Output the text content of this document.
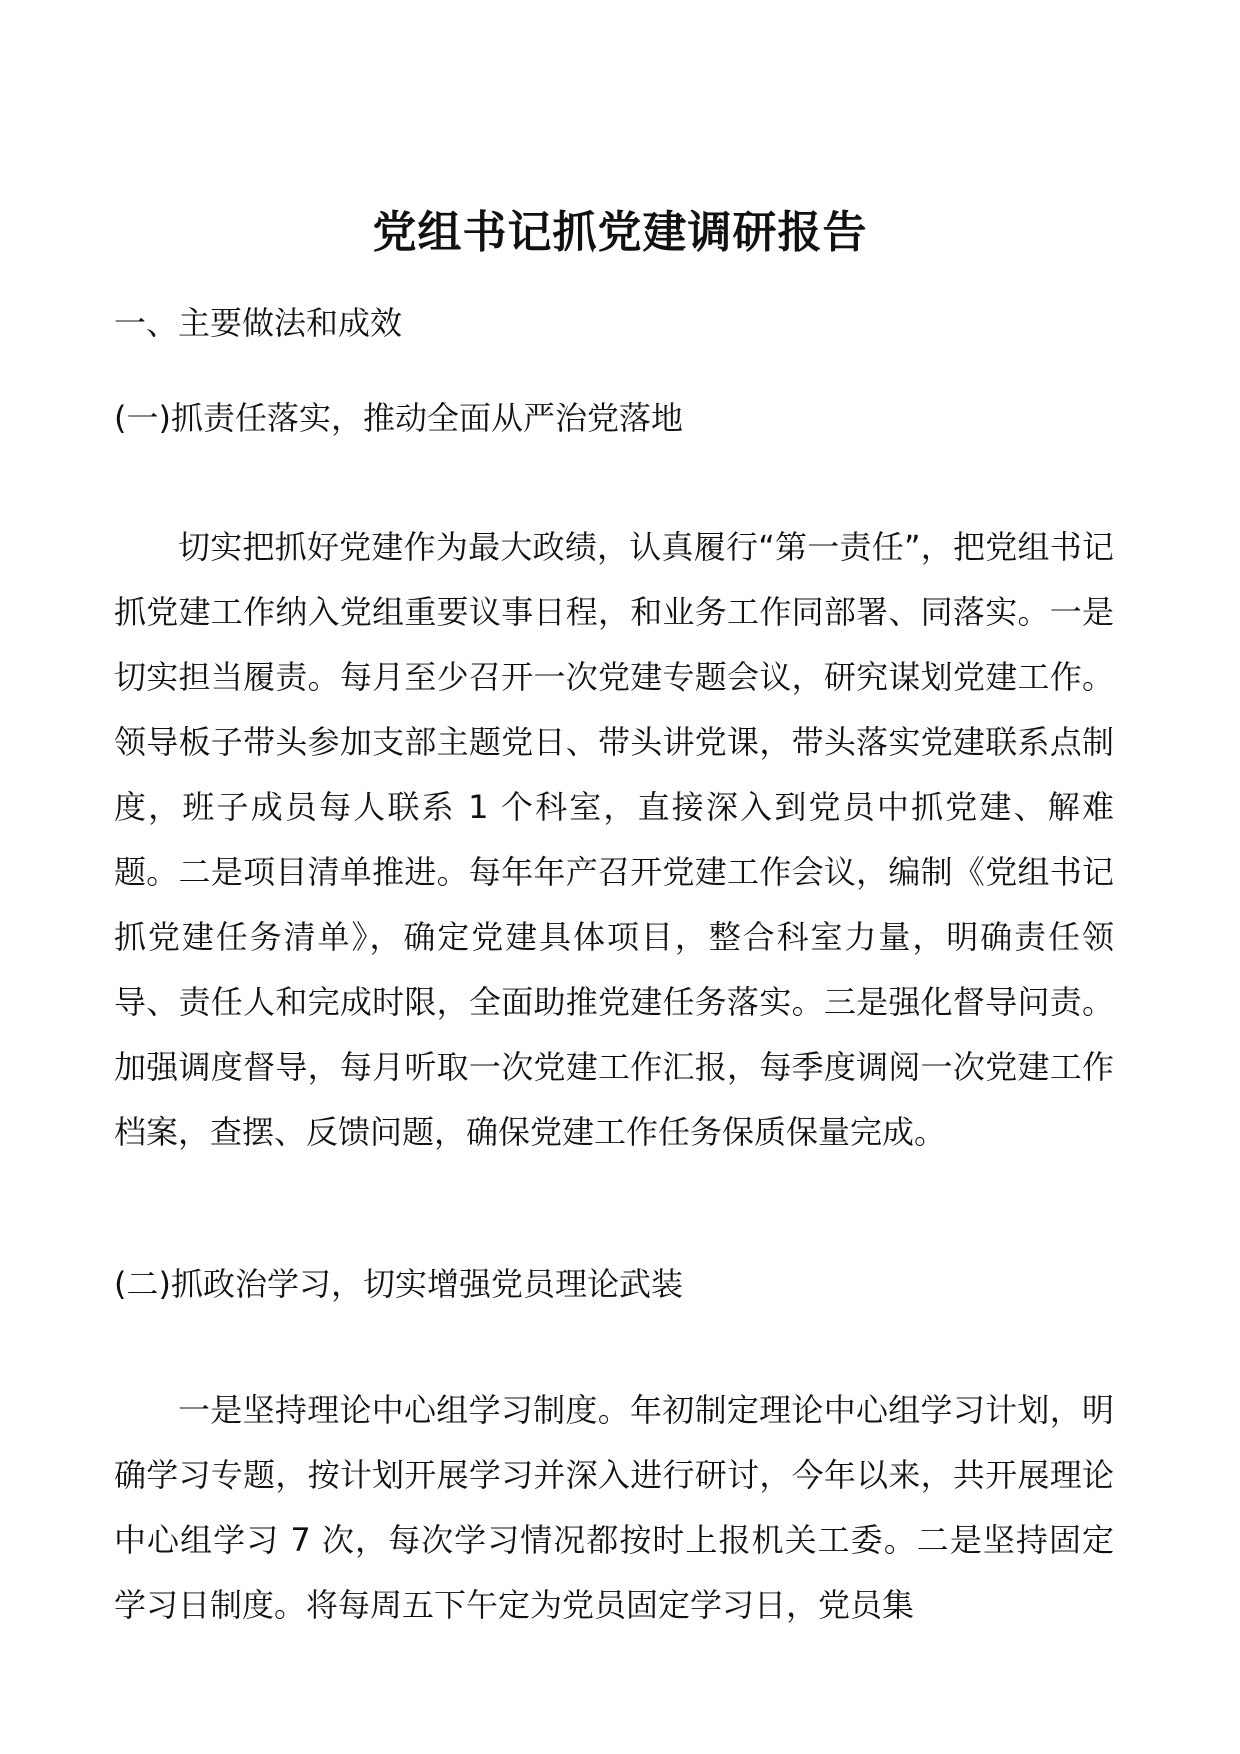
党组书记抓党建调研报告
一、主要做法和成效
(一)抓责任落实，推动全面从严治党落地
切实把抓好党建作为最大政绩，认真履行“第一责任”，把党组书记抓党建工作纳入党组重要议事日程，和业务工作同部署、同落实。一是切实担当履责。每月至少召开一次党建专题会议，研究谋划党建工作。领导板子带头参加支部主题党日、带头讲党课，带头落实党建联系点制度，班子成员每人联系 1 个科室，直接深入到党员中抓党建、解难题。二是项目清单推进。每年年产召开党建工作会议，编制《党组书记抓党建任务清单》，确定党建具体项目，整合科室力量，明确责任领导、责任人和完成时限，全面助推党建任务落实。三是强化督导问责。加强调度督导，每月听取一次党建工作汇报，每季度调阅一次党建工作档案，查摆、反馈问题，确保党建工作任务保质保量完成。
(二)抓政治学习，切实增强党员理论武装
一是坚持理论中心组学习制度。年初制定理论中心组学习计划，明确学习专题，按计划开展学习并深入进行研讨，今年以来，共开展理论中心组学习 7 次，每次学习情况都按时上报机关工委。二是坚持固定学习日制度。将每周五下午定为党员固定学习日，党员集
